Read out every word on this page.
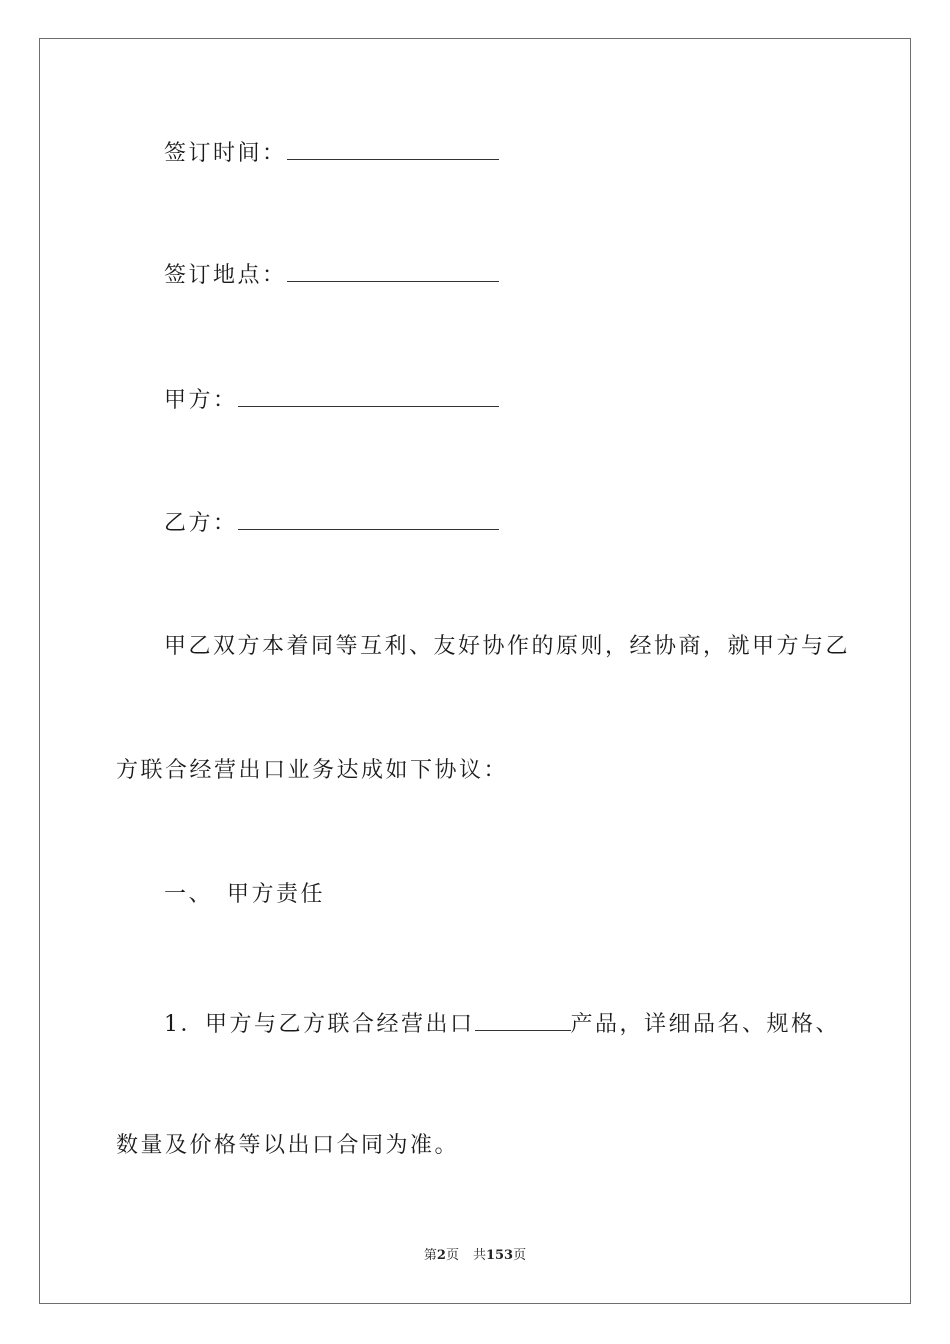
签订时间：
签订地点：
甲方：
乙方：
甲乙双方本着同等互利、友好协作的原则，经协商，就甲方与乙
方联合经营出口业务达成如下协议：
一、 甲方责任
1．甲方与乙方联合经营出口	产品，详细品名、规格、
数量及价格等以出口合同为准。
第2页 共153页
